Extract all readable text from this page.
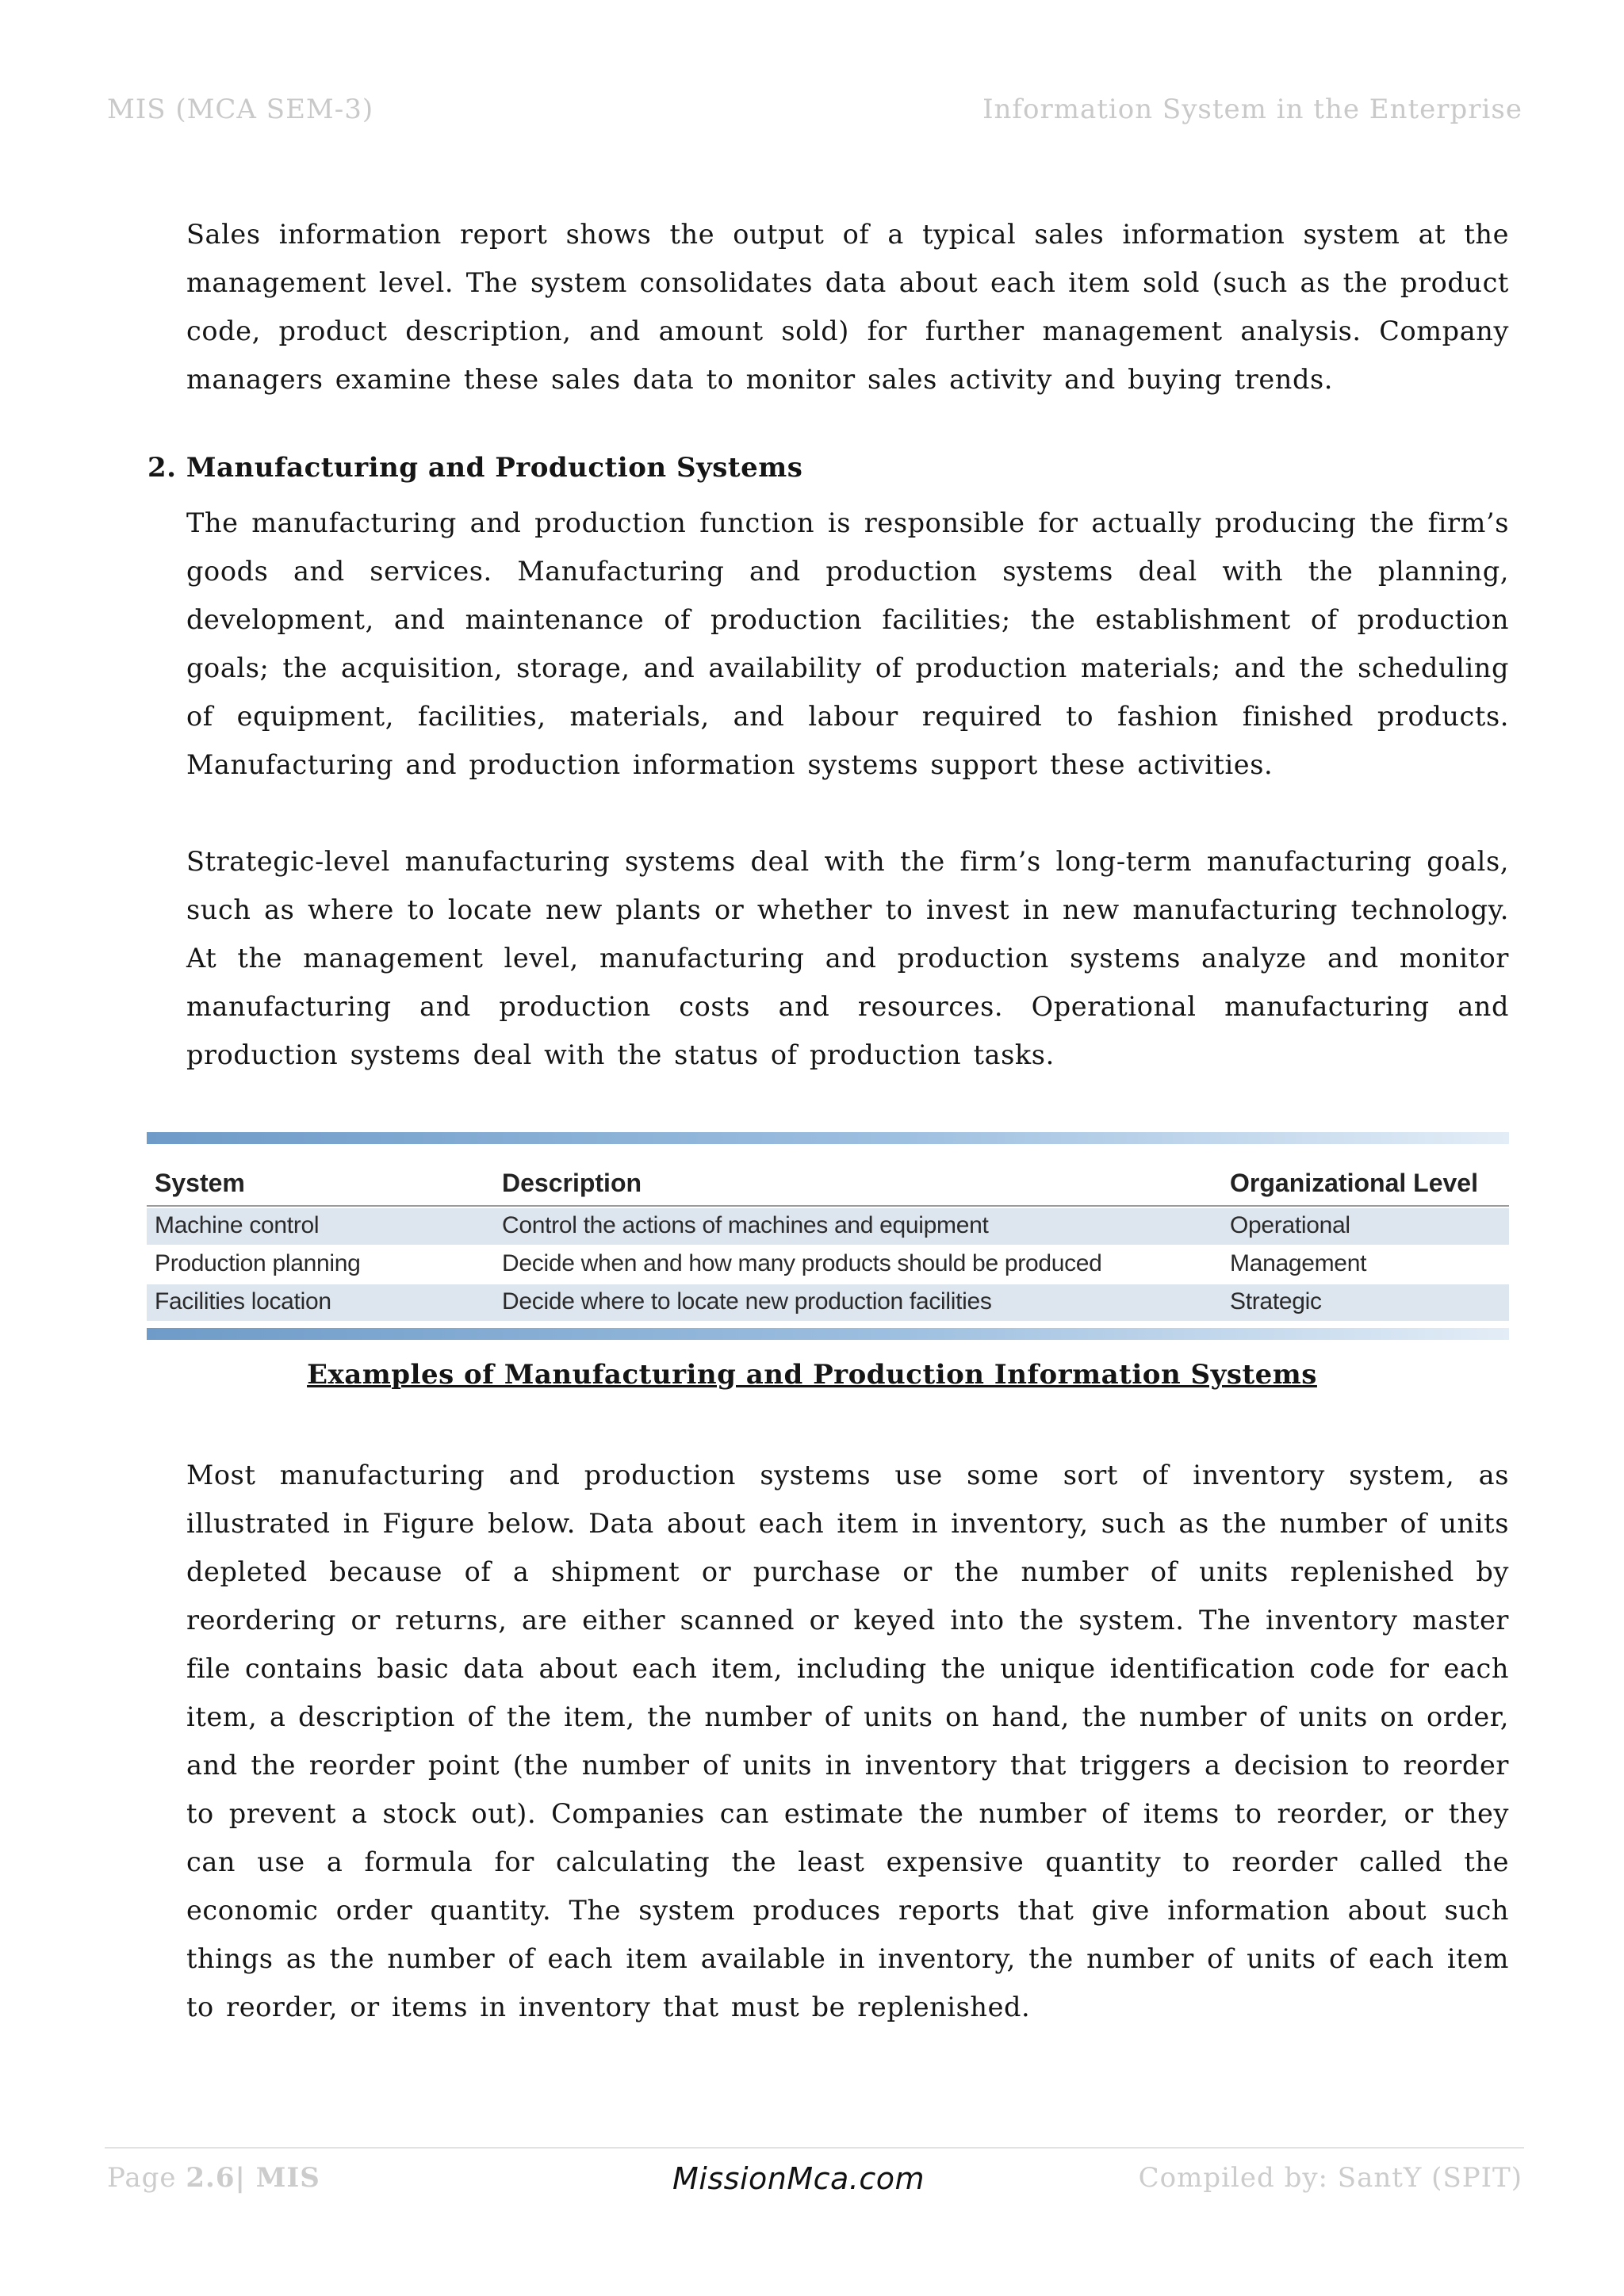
MIS (MCA SEM-3)	Information System in the Enterprise
Sales information report shows the output of a typical sales information system at the management level. The system consolidates data about each item sold (such as the product code, product description, and amount sold) for further management analysis. Company managers examine these sales data to monitor sales activity and buying trends.
2. Manufacturing and Production Systems
The manufacturing and production function is responsible for actually producing the firm’s goods and services. Manufacturing and production systems deal with the planning, development, and maintenance of production facilities; the establishment of production goals; the acquisition, storage, and availability of production materials; and the scheduling of equipment, facilities, materials, and labour required to fashion finished products. Manufacturing and production information systems support these activities.
Strategic-level manufacturing systems deal with the firm’s long-term manufacturing goals, such as where to locate new plants or whether to invest in new manufacturing technology. At the management level, manufacturing and production systems analyze and monitor manufacturing and production costs and resources. Operational manufacturing and production systems deal with the status of production tasks.
System	Description	Organizational Level
Machine control	Control the actions of machines and equipment	Operational
Production planning	Decide when and how many products should be produced	Management
Facilities location	Decide where to locate new production facilities	Strategic
Examples of Manufacturing and Production Information Systems
Most manufacturing and production systems use some sort of inventory system, as illustrated in Figure below. Data about each item in inventory, such as the number of units depleted because of a shipment or purchase or the number of units replenished by reordering or returns, are either scanned or keyed into the system. The inventory master file contains basic data about each item, including the unique identification code for each item, a description of the item, the number of units on hand, the number of units on order, and the reorder point (the number of units in inventory that triggers a decision to reorder to prevent a stock out). Companies can estimate the number of items to reorder, or they can use a formula for calculating the least expensive quantity to reorder called the economic order quantity. The system produces reports that give information about such things as the number of each item available in inventory, the number of units of each item to reorder, or items in inventory that must be replenished.
Page 2.6| MIS	MissionMca.com	Compiled by: SantY (SPIT)
